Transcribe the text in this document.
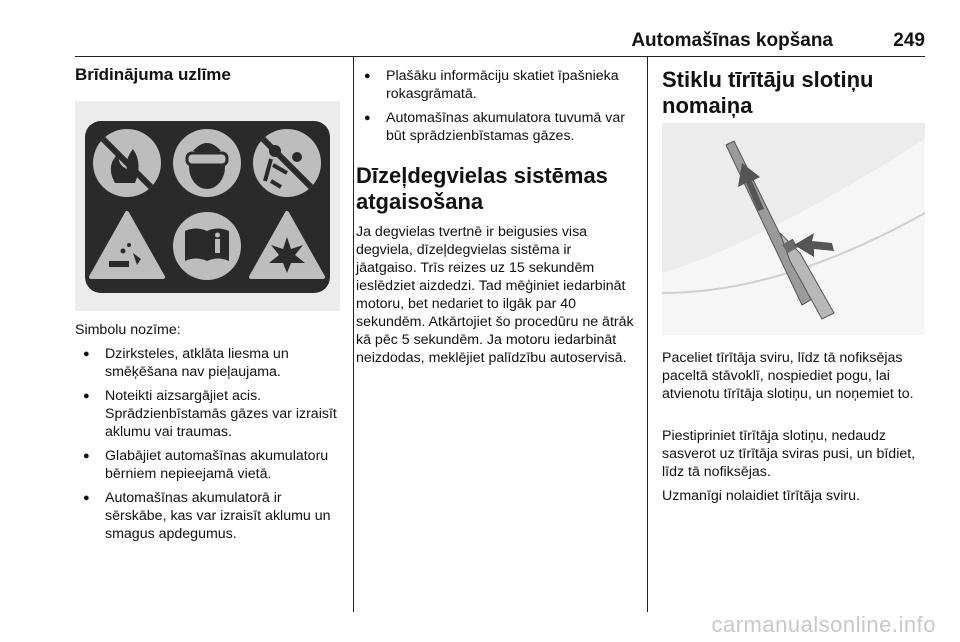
Automašīnas kopšana	249
Brīdinājuma uzlīme

Simbolu nozīme:

● Dzirksteles, atklāta liesma un smēķēšana nav pieļaujama.
● Noteikti aizsargājiet acis. Sprādzienbīstamās gāzes var izraisīt aklumu vai traumas.
● Glabājiet automašīnas akumulatoru bērniem nepieejamā vietā.
● Automašīnas akumulatorā ir sērskābe, kas var izraisīt aklumu un smagus apdegumus.
● Plašāku informāciju skatiet īpašnieka rokasgrāmatā.
● Automašīnas akumulatora tuvumā var būt sprādzienbīstamas gāzes.
Dīzeļdegvielas sistēmas
atgaisošana

Ja degvielas tvertnē ir beigusies visa degviela, dīzeļdegvielas sistēma ir jāatgaiso. Trīs reizes uz 15 sekundēm ieslēdziet aizdedzi. Tad mēģiniet iedarbināt motoru, bet nedariet to ilgāk par 40 sekundēm. Atkārtojiet šo procedūru ne ātrāk kā pēc 5 sekundēm. Ja motoru iedarbināt neizdodas, meklējiet palīdzību autoservisā.

Stiklu tīrītāju slotiņu
nomaiņa

Paceliet tīrītāja sviru, līdz tā nofiksējas paceltā stāvoklī, nospiediet pogu, lai atvienotu tīrītāja slotiņu, un noņemiet to.

Piestipriniet tīrītāja slotiņu, nedaudz sasverot uz tīrītāja sviras pusi, un bīdiet, līdz tā nofiksējas.

Uzmanīgi nolaidiet tīrītāja sviru.

carmanualsonline.info
